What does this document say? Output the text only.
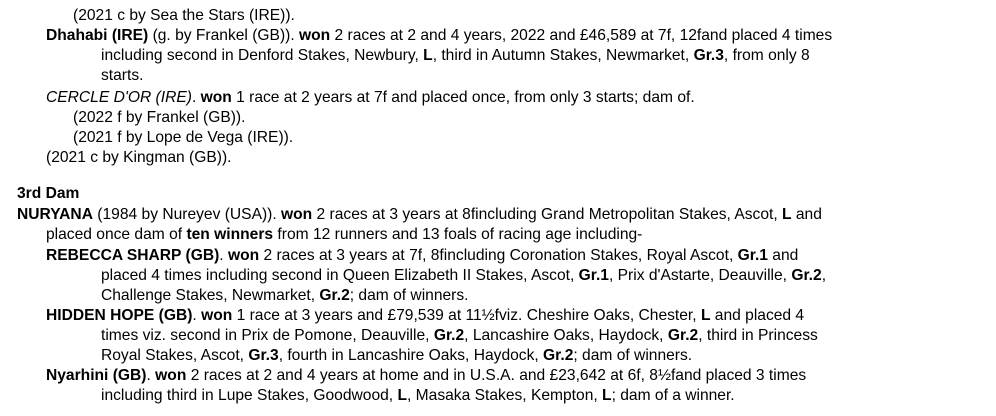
(2021 c by Sea the Stars (IRE)).
Dhahabi (IRE) (g. by Frankel (GB)). won 2 races at 2 and 4 years, 2022 and £46,589 at 7f, 12fand placed 4 times
including second in Denford Stakes, Newbury, L, third in Autumn Stakes, Newmarket, Gr.3, from only 8
starts.
CERCLE D'OR (IRE). won 1 race at 2 years at 7f and placed once, from only 3 starts; dam of.
(2022 f by Frankel (GB)).
(2021 f by Lope de Vega (IRE)).
(2021 c by Kingman (GB)).
3rd Dam
NURYANA (1984 by Nureyev (USA)). won 2 races at 3 years at 8fincluding Grand Metropolitan Stakes, Ascot, L and
placed once dam of ten winners from 12 runners and 13 foals of racing age including-
REBECCA SHARP (GB). won 2 races at 3 years at 7f, 8fincluding Coronation Stakes, Royal Ascot, Gr.1 and
placed 4 times including second in Queen Elizabeth II Stakes, Ascot, Gr.1, Prix d'Astarte, Deauville, Gr.2,
Challenge Stakes, Newmarket, Gr.2; dam of winners.
HIDDEN HOPE (GB). won 1 race at 3 years and £79,539 at 11½fviz. Cheshire Oaks, Chester, L and placed 4
times viz. second in Prix de Pomone, Deauville, Gr.2, Lancashire Oaks, Haydock, Gr.2, third in Princess
Royal Stakes, Ascot, Gr.3, fourth in Lancashire Oaks, Haydock, Gr.2; dam of winners.
Nyarhini (GB). won 2 races at 2 and 4 years at home and in U.S.A. and £23,642 at 6f, 8½fand placed 3 times
including third in Lupe Stakes, Goodwood, L, Masaka Stakes, Kempton, L; dam of a winner.
